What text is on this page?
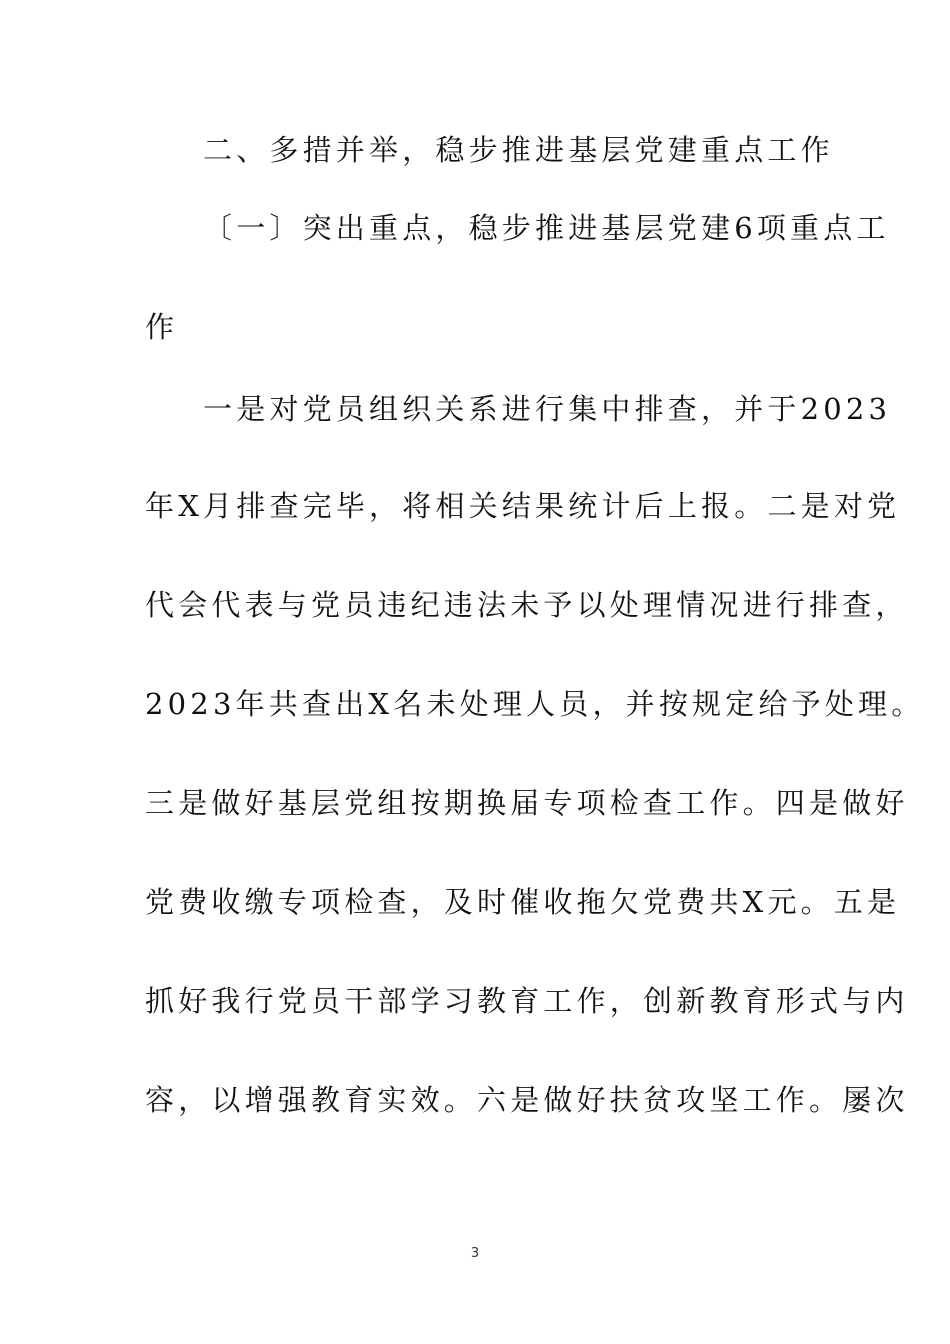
二、多措并举，稳步推进基层党建重点工作
〔一〕突出重点，稳步推进基层党建6项重点工
作
一是对党员组织关系进行集中排查，并于2023
年X月排查完毕，将相关结果统计后上报。二是对党
代会代表与党员违纪违法未予以处理情况进行排查，
2023年共查出X名未处理人员，并按规定给予处理。
三是做好基层党组按期换届专项检查工作。四是做好
党费收缴专项检查，及时催收拖欠党费共X元。五是
抓好我行党员干部学习教育工作，创新教育形式与内
容，以增强教育实效。六是做好扶贫攻坚工作。屡次
3
